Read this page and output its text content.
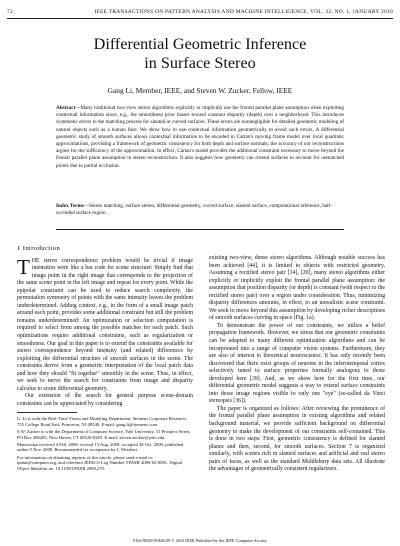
72	IEEE TRANSACTIONS ON PATTERN ANALYSIS AND MACHINE INTELLIGENCE, VOL. 32, NO. 1, JANUARY 2010
Differential Geometric Inference
in Surface Stereo
Gang Li, Member, IEEE, and Steven W. Zucker, Fellow, IEEE
Abstract—Many traditional two-view stereo algorithms explicitly or implicitly use the frontal parallel plane assumption when exploiting contextual information since, e.g., the smoothness prior biases toward constant disparity (depth) over a neighborhood. This introduces systematic errors to the matching process for slanted or curved surfaces. These errors are nonnegligible for detailed geometric modeling of natural objects such as a human face. We show how to use contextual information geometrically to avoid such errors. A differential geometric study of smooth surfaces allows contextual information to be encoded in Cartan's moving frame model over local quadratic approximations, providing a framework of geometric consistency for both depth and surface normals; the accuracy of our reconstructions argues for the sufficiency of the approximation. In effect, Cartan's model provides the additional constraint necessary to move beyond the frontal parallel plane assumption in stereo reconstruction. It also suggests how geometry can extend surfaces to account for unmatched points due to partial occlusion.
Index Terms—Stereo matching, surface stereo, differential geometry, curved surface, slanted surface, computational inference, half-occluded surface region.
1 Introduction

THE stereo correspondence problem would be trivial if image intensities were like a bar code for scene structure: Simply find that image point in the right image that corresponds to the projection of the same scene point in the left image and repeat for every point. While the epipolar constraint can be used to reduce search complexity, the permutation symmetry of points with the same intensity leaves the problem underdetermined. Adding context, e.g., in the form of a small image patch around each point, provides some additional constraint but still the problem remains underdetermined: An optimization or selection computation is required to select from among the possible matches for each patch. Such optimizations require additional constraints, such as regularization or smoothness. Our goal in this paper is to extend the constraints available for stereo correspondence beyond intensity (and related) differences by exploiting the differential structure of smooth surfaces in the scene. The constraints derive from a geometric interpretation of the local patch data and how they should "fit together" smoothly in the scene. Thus, in effect, we seek to move the search for constraints from image and disparity calculus to scene differential geometry.

Our extension of the search for general purpose scene-domain constraints can be appreciated by considering

G. Li is with the Real-Time Vision and Modeling Department, Siemens Corporate Research, 755 College Road East, Princeton, NJ 08540. E-mail: gang.li@siemens.com.

S.W. Zucker is with the Department of Computer Science, Yale University, 51 Prospect Street, PO Box 208285, New Haven, CT 06520-8285. E-mail: steven.zucker@yale.edu.

Manuscript received 4 Feb. 2008; revised 13 Aug. 2008; accepted 28 Oct. 2008; published online 5 Nov. 2008. Recommended for acceptance by J. Weickert.

For information on obtaining reprints of this article, please send e-mail to: tpami@computer.org, and reference IEEECS Log Number TPAMI-2008-02-0081. Digital Object Identifier no. 10.1109/TPAMI.2008.270.

existing two-view, dense stereo algorithms. Although notable success has been achieved [44], it is limited to objects with restricted geometry. Assuming a rectified stereo pair [14], [20], many stereo algorithms either explicitly or implicitly exploit the frontal parallel plane assumption: the assumption that position disparity (or depth) is constant (with respect to the rectified stereo pair) over a region under consideration. Thus, minimizing disparity differences amounts, in effect, to an unrealistic scene constraint. We seek to move beyond this assumption by developing richer descriptions of smooth surfaces curving in space (Fig. 1a).

To demonstrate the power of our constraints, we utilize a belief propagation framework. However, we stress that our geometric constraints can be adapted to many different optimization algorithms and can be incorporated into a range of computer vision systems. Furthermore, they are also of interest to theoretical neuroscience. It has only recently been discovered that there exist groups of neurons in the inferotemporal cortex selectively tuned to surface properties formally analogous to those developed here [39]. And, as we show here for the first time, our differential geometric model suggests a way to extend surface constraints into those image regions visible to only one "eye" (so-called da Vinci stereopsis [36]).

The paper is organized as follows: After reviewing the prominence of the frontal parallel plane assumption in existing algorithms and related background material, we provide sufficient background on differential geometry to make the development of our constraints self-contained. This is done in two steps: First, geometric consistency is defined for slanted planes and then, second, for smooth surfaces. Section 7 is organized similarly, with scenes rich in slanted surfaces and artificial and real stereo pairs of faces, as well as the standard Middlebury data sets. All illustrate the advantages of geometrically consistent regularizers.

0162-8828/10/$26.00 © 2010 IEEE Published by the IEEE Computer Society
